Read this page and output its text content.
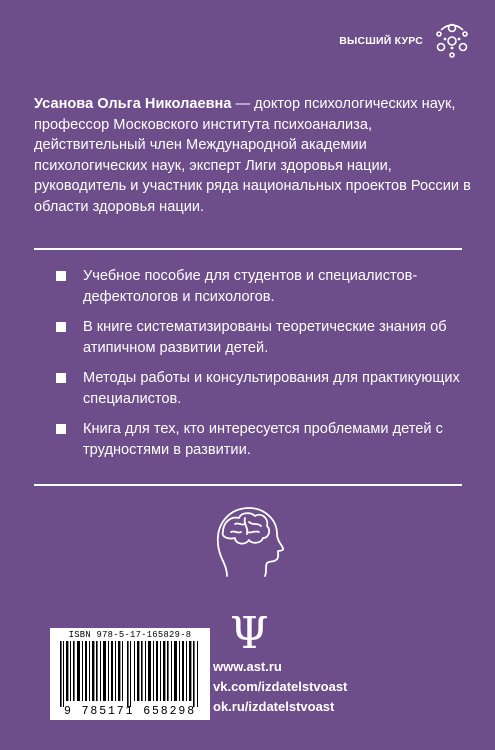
ВЫСШИЙ КУРС
Усанова Ольга Николаевна — доктор психологических наук, профессор Московского института психоанализа, действительный член Международной академии психологических наук, эксперт Лиги здоровья нации, руководитель и участник ряда национальных проектов России в области здоровья нации.
Учебное пособие для студентов и специалистов-дефектологов и психологов.
В книге систематизированы теоретические знания об атипичном развитии детей.
Методы работы и консультирования для практикующих специалистов.
Книга для тех, кто интересуется проблемами детей с трудностями в развитии.
ISBN 978-5-17-165829-8
9 785171 658298
Ψ
www.ast.ru
vk.com/izdatelstvoast
ok.ru/izdatelstvoast
